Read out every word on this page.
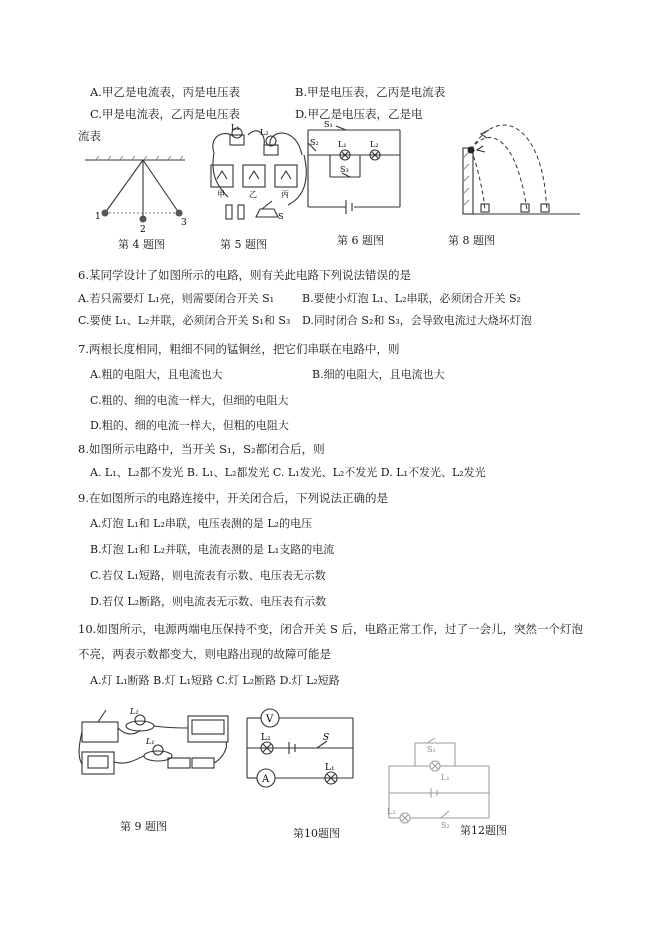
A.甲乙是电流表，丙是电压表	B.甲是电压表，乙丙是电流表
C.甲是电流表，乙丙是电压表	D.甲乙是电压表，乙是电
流表
1
2
3
第 4 题图
L₁
L₂
甲	乙	丙
S
第 5 题图
S₁
S₂
S₃
L₁	L₂
第 6 题图	第 8 题图
6.某同学设计了如图所示的电路，则有关此电路下列说法错误的是
A.若只需要灯 L₁亮，则需要闭合开关 S₁	B.要使小灯泡 L₁、L₂串联，必须闭合开关 S₂
C.要使 L₁、L₂并联，必须闭合开关 S₁和 S₃ D.同时闭合 S₂和 S₃，会导致电流过大烧坏灯泡
7.两根长度相同，粗细不同的锰铜丝，把它们串联在电路中，则
A.粗的电阻大，且电流也大	B.细的电阻大，且电流也大
C.粗的、细的电流一样大，但细的电阻大
D.粗的、细的电流一样大，但粗的电阻大
8.如图所示电路中，当开关 S₁，S₂都闭合后，则
A. L₁、L₂都不发光 B. L₁、L₂都发光 C. L₁发光、L₂不发光 D. L₁不发光、L₂发光
9.在如图所示的电路连接中，开关闭合后，下列说法正确的是
A.灯泡 L₁和 L₂串联，电压表测的是 L₂的电压
B.灯泡 L₁和 L₂并联，电流表测的是 L₁支路的电流
C.若仅 L₁短路，则电流表有示数、电压表无示数
D.若仅 L₂断路，则电流表无示数、电压表有示数
10.如图所示，电源两端电压保持不变，闭合开关 S 后，电路正常工作，过了一会儿，突然一个灯泡
不亮，两表示数都变大，则电路出现的故障可能是
A.灯 L₁断路 B.灯 L₁短路 C.灯 L₂断路 D.灯 L₂短路
L₂
L₁
第 9 题图
V
A
L₂	S
L₁
第10题图
S₁
L₁
L₂
S₂ 第12题图
